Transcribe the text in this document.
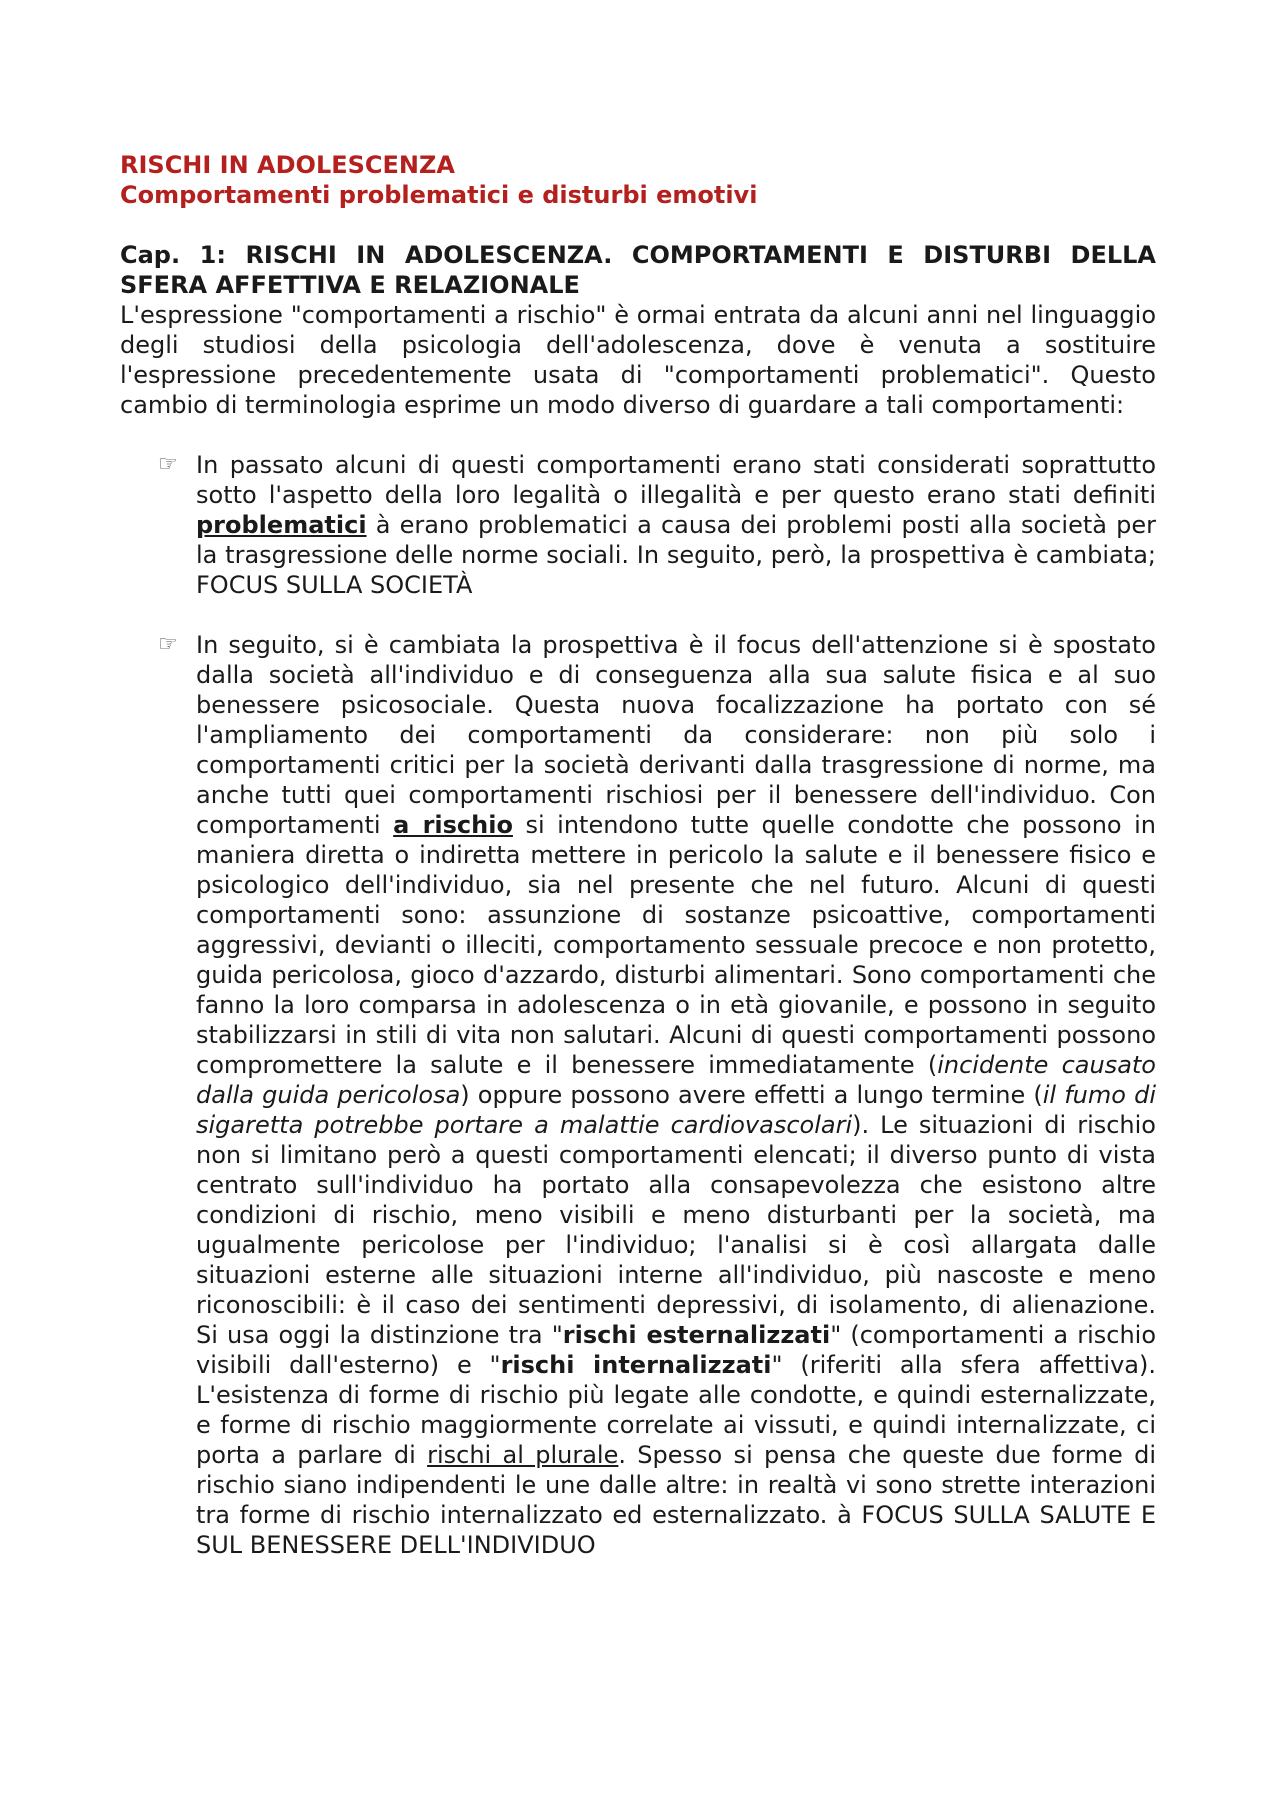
RISCHI IN ADOLESCENZA
Comportamenti problematici e disturbi emotivi
Cap. 1: RISCHI IN ADOLESCENZA. COMPORTAMENTI E DISTURBI DELLA SFERA AFFETTIVA E RELAZIONALE

L'espressione "comportamenti a rischio" è ormai entrata da alcuni anni nel linguaggio degli studiosi della psicologia dell'adolescenza, dove è venuta a sostituire l'espressione precedentemente usata di "comportamenti problematici". Questo cambio di terminologia esprime un modo diverso di guardare a tali comportamenti:

☞ In passato alcuni di questi comportamenti erano stati considerati soprattutto sotto l'aspetto della loro legalità o illegalità e per questo erano stati definiti problematici à erano problematici a causa dei problemi posti alla società per la trasgressione delle norme sociali. In seguito, però, la prospettiva è cambiata; FOCUS SULLA SOCIETÀ

☞ In seguito, si è cambiata la prospettiva è il focus dell'attenzione si è spostato dalla società all'individuo e di conseguenza alla sua salute fisica e al suo benessere psicosociale. Questa nuova focalizzazione ha portato con sé l'ampliamento dei comportamenti da considerare: non più solo i comportamenti critici per la società derivanti dalla trasgressione di norme, ma anche tutti quei comportamenti rischiosi per il benessere dell'individuo. Con comportamenti a rischio si intendono tutte quelle condotte che possono in maniera diretta o indiretta mettere in pericolo la salute e il benessere fisico e psicologico dell'individuo, sia nel presente che nel futuro. Alcuni di questi comportamenti sono: assunzione di sostanze psicoattive, comportamenti aggressivi, devianti o illeciti, comportamento sessuale precoce e non protetto, guida pericolosa, gioco d'azzardo, disturbi alimentari. Sono comportamenti che fanno la loro comparsa in adolescenza o in età giovanile, e possono in seguito stabilizzarsi in stili di vita non salutari. Alcuni di questi comportamenti possono compromettere la salute e il benessere immediatamente (incidente causato dalla guida pericolosa) oppure possono avere effetti a lungo termine (il fumo di sigaretta potrebbe portare a malattie cardiovascolari). Le situazioni di rischio non si limitano però a questi comportamenti elencati; il diverso punto di vista centrato sull'individuo ha portato alla consapevolezza che esistono altre condizioni di rischio, meno visibili e meno disturbanti per la società, ma ugualmente pericolose per l'individuo; l'analisi si è così allargata dalle situazioni esterne alle situazioni interne all'individuo, più nascoste e meno riconoscibili: è il caso dei sentimenti depressivi, di isolamento, di alienazione. Si usa oggi la distinzione tra "rischi esternalizzati" (comportamenti a rischio visibili dall'esterno) e "rischi internalizzati" (riferiti alla sfera affettiva). L'esistenza di forme di rischio più legate alle condotte, e quindi esternalizzate, e forme di rischio maggiormente correlate ai vissuti, e quindi internalizzate, ci porta a parlare di rischi al plurale. Spesso si pensa che queste due forme di rischio siano indipendenti le une dalle altre: in realtà vi sono strette interazioni tra forme di rischio internalizzato ed esternalizzato. à FOCUS SULLA SALUTE E SUL BENESSERE DELL'INDIVIDUO
